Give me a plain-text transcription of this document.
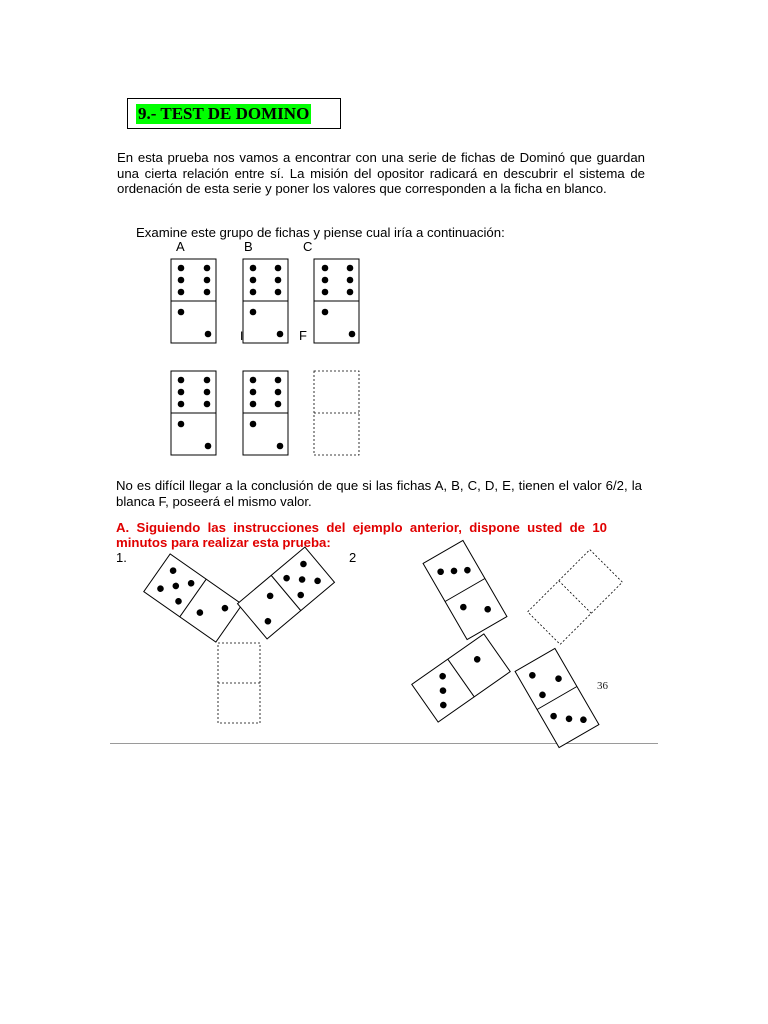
9.- TEST DE DOMINO
En esta prueba nos vamos a encontrar con una serie de fichas de Dominó que guardan una cierta relación entre sí. La misión del opositor radicará en descubrir el sistema de ordenación de esta serie y poner los valores que corresponden a la ficha en blanco.
Examine este grupo de fichas y piense cual iría a continuación:
A	B	C
I	F
No es difícil llegar a la conclusión de que si las fichas A, B, C, D, E, tienen el valor 6/2, la blanca F, poseerá el mismo valor.
A. Siguiendo las instrucciones del ejemplo anterior, dispone usted de 10 minutos para realizar esta prueba:
1.	2
36
